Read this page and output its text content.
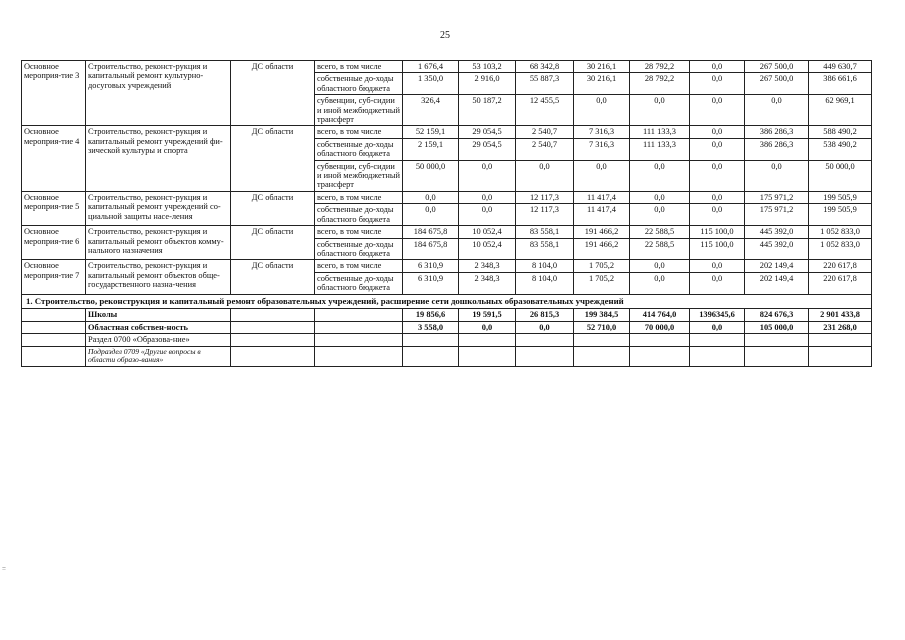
25
Основное мероприя-тие 3	Строительство, реконст-рукция и капитальный ремонт культурно-досуговых учреждений	ДС области	всего, в том числе	1 676,4	53 103,2	68 342,8	30 216,1	28 792,2	0,0	267 500,0	449 630,7
			собственные до-ходы областного бюджета	1 350,0	2 916,0	55 887,3	30 216,1	28 792,2	0,0	267 500,0	386 661,6
			субвенции, суб-сидии и иной межбюджетный трансферт	326,4	50 187,2	12 455,5	0,0	0,0	0,0	0,0	62 969,1
Основное мероприя-тие 4	Строительство, реконст-рукция и капитальный ремонт учреждений фи-зической культуры и спорта	ДС области	всего, в том числе	52 159,1	29 054,5	2 540,7	7 316,3	111 133,3	0,0	386 286,3	588 490,2
			собственные до-ходы областного бюджета	2 159,1	29 054,5	2 540,7	7 316,3	111 133,3	0,0	386 286,3	538 490,2
			субвенции, суб-сидии и иной межбюджетный трансферт	50 000,0	0,0	0,0	0,0	0,0	0,0	0,0	50 000,0
Основное мероприя-тие 5	Строительство, реконст-рукция и капитальный ремонт учреждений со-циальной защиты насе-ления	ДС области	всего, в том числе	0,0	0,0	12 117,3	11 417,4	0,0	0,0	175 971,2	199 505,9
			собственные до-ходы областного бюджета	0,0	0,0	12 117,3	11 417,4	0,0	0,0	175 971,2	199 505,9
Основное мероприя-тие 6	Строительство, реконст-рукция и капитальный ремонт объектов комму-нального назначения	ДС области	всего, в том числе	184 675,8	10 052,4	83 558,1	191 466,2	22 588,5	115 100,0	445 392,0	1 052 833,0
			собственные до-ходы областного бюджета	184 675,8	10 052,4	83 558,1	191 466,2	22 588,5	115 100,0	445 392,0	1 052 833,0
Основное мероприя-тие 7	Строительство, реконст-рукция и капитальный ремонт объектов обще-государственного назна-чения	ДС области	всего, в том числе	6 310,9	2 348,3	8 104,0	1 705,2	0,0	0,0	202 149,4	220 617,8
			собственные до-ходы областного бюджета	6 310,9	2 348,3	8 104,0	1 705,2	0,0	0,0	202 149,4	220 617,8
1. Строительство, реконструкция и капитальный ремонт образовательных учреждений, расширение сети дошкольных образовательных учреждений											
	Школы			19 856,6	19 591,5	26 815,3	199 384,5	414 764,0	1396345,6	824 676,3	2 901 433,8
	Областная собствен-ность			3 558,0	0,0	0,0	52 710,0	70 000,0	0,0	105 000,0	231 268,0
	Раздел 0700 «Образова-ние»										
	Подраздел 0709 «Другие вопросы в области образо-вания»										
=
